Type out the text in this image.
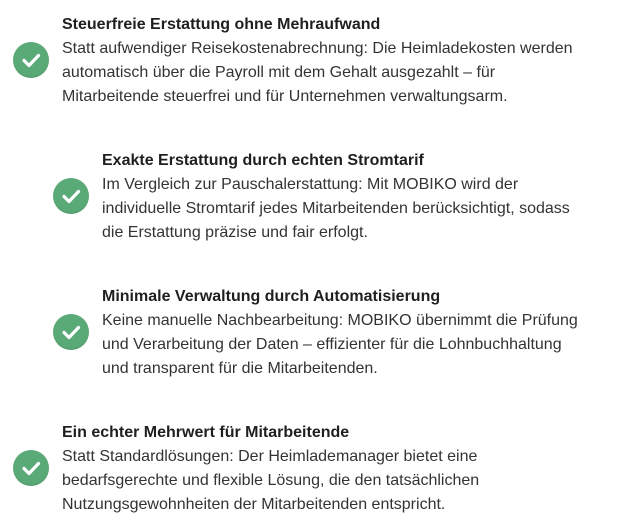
Steuerfreie Erstattung ohne Mehraufwand
Statt aufwendiger Reisekostenabrechnung: Die Heimladekosten werden
automatisch über die Payroll mit dem Gehalt ausgezahlt – für
Mitarbeitende steuerfrei und für Unternehmen verwaltungsarm.
Exakte Erstattung durch echten Stromtarif
Im Vergleich zur Pauschalerstattung: Mit MOBIKO wird der
individuelle Stromtarif jedes Mitarbeitenden berücksichtigt, sodass
die Erstattung präzise und fair erfolgt.
Minimale Verwaltung durch Automatisierung
Keine manuelle Nachbearbeitung: MOBIKO übernimmt die Prüfung
und Verarbeitung der Daten – effizienter für die Lohnbuchhaltung
und transparent für die Mitarbeitenden.
Ein echter Mehrwert für Mitarbeitende
Statt Standardlösungen: Der Heimlademanager bietet eine
bedarfsgerechte und flexible Lösung, die den tatsächlichen
Nutzungsgewohnheiten der Mitarbeitenden entspricht.
